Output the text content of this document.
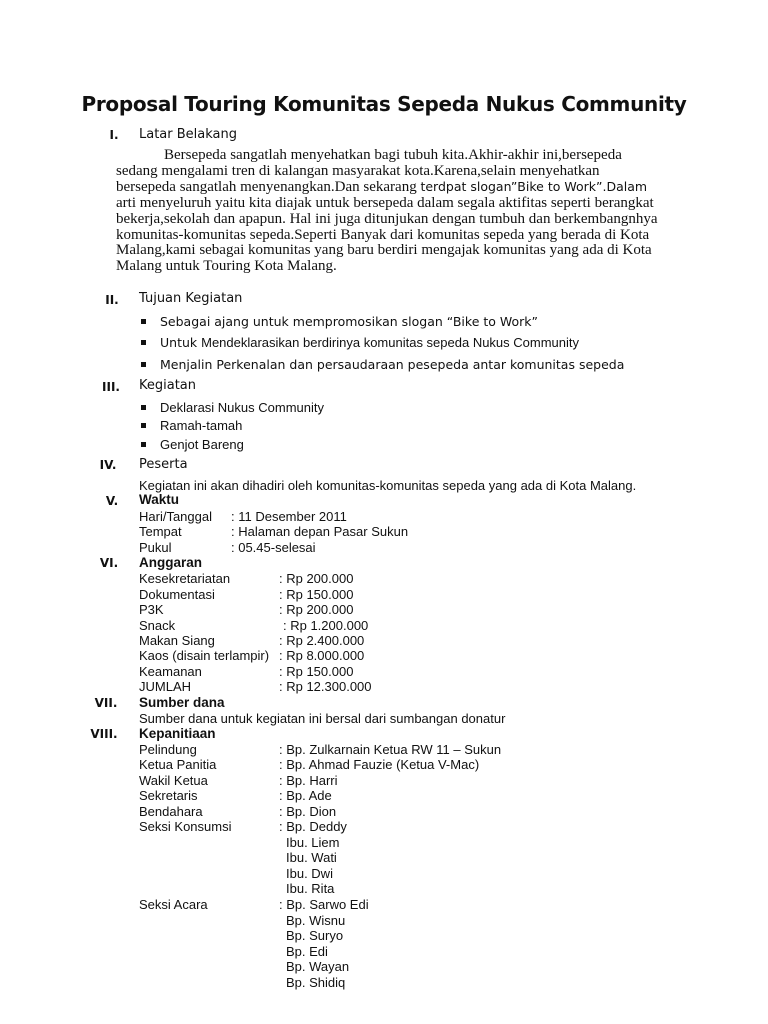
Proposal Touring Komunitas Sepeda Nukus Community
I.	Latar Belakang
Bersepeda sangatlah menyehatkan bagi tubuh kita.Akhir-akhir ini,bersepeda
sedang mengalami tren di kalangan masyarakat kota.Karena,selain menyehatkan
bersepeda sangatlah menyenangkan.Dan sekarang terdpat slogan”Bike to Work”.Dalam
arti menyeluruh yaitu kita diajak untuk bersepeda dalam segala aktifitas seperti berangkat
bekerja,sekolah dan apapun. Hal ini juga ditunjukan dengan tumbuh dan berkembangnhya
komunitas-komunitas sepeda.Seperti Banyak dari komunitas sepeda yang berada di Kota
Malang,kami sebagai komunitas yang baru berdiri mengajak komunitas yang ada di Kota
Malang untuk Touring Kota Malang.
II.	Tujuan Kegiatan
Sebagai ajang untuk mempromosikan slogan “Bike to Work”
Untuk Mendeklarasikan berdirinya komunitas sepeda Nukus Community
Menjalin Perkenalan dan persaudaraan pesepeda antar komunitas sepeda
III.	Kegiatan
Deklarasi Nukus Community
Ramah-tamah
Genjot Bareng
IV.	Peserta
Kegiatan ini akan dihadiri oleh komunitas-komunitas sepeda yang ada di Kota Malang.
V.	Waktu
Hari/Tanggal : 11 Desember 2011
Tempat	: Halaman depan Pasar Sukun
Pukul	: 05.45-selesai
VI.	Anggaran
Kesekretariatan	: Rp 200.000
Dokumentasi	: Rp 150.000
P3K	: Rp 200.000
Snack	: Rp 1.200.000
Makan Siang	: Rp 2.400.000
Kaos (disain terlampir) : Rp 8.000.000
Keamanan	: Rp 150.000
JUMLAH	: Rp 12.300.000
VII.	Sumber dana
Sumber dana untuk kegiatan ini bersal dari sumbangan donatur
VIII.	Kepanitiaan
Pelindung	: Bp. Zulkarnain Ketua RW 11 – Sukun
Ketua Panitia	: Bp. Ahmad Fauzie (Ketua V-Mac)
Wakil Ketua	: Bp. Harri
Sekretaris	: Bp. Ade
Bendahara	: Bp. Dion
Seksi Konsumsi	: Bp. Deddy
Ibu. Liem
Ibu. Wati
Ibu. Dwi
Ibu. Rita
Seksi Acara	: Bp. Sarwo Edi
Bp. Wisnu
Bp. Suryo
Bp. Edi
Bp. Wayan
Bp. Shidiq
